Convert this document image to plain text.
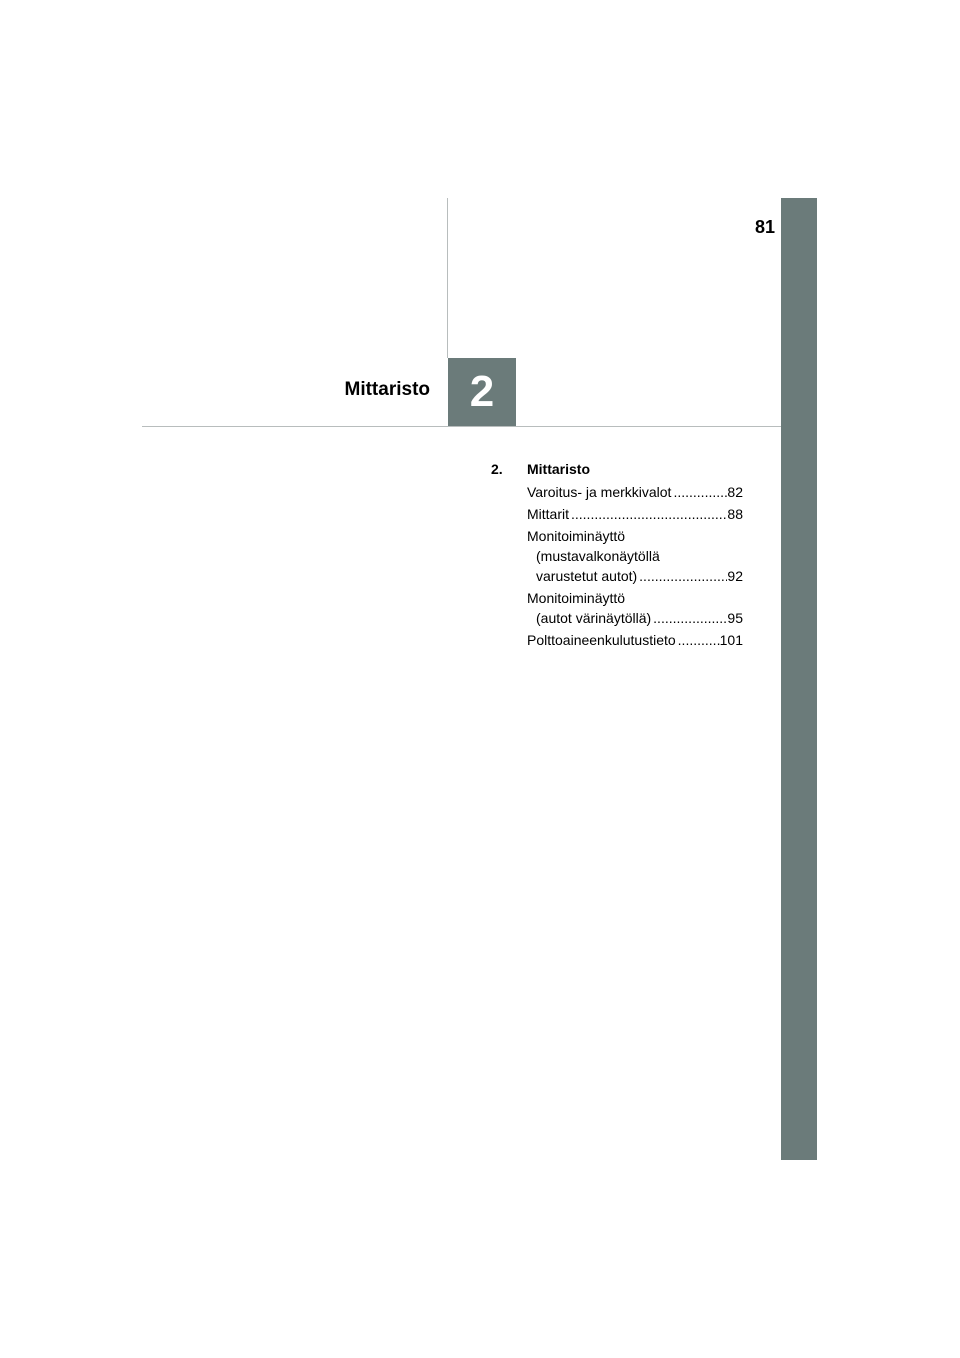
81
2
Mittaristo
2.	Mittaristo
Varoitus- ja merkkivalot .....	82
Mittarit .....	88
Monitoiminäyttö
(mustavalkonäytöllä
varustetut autot) .....	92
Monitoiminäyttö
(autot värinäytöllä) .....	95
Polttoaineenkulutustieto .....	101
